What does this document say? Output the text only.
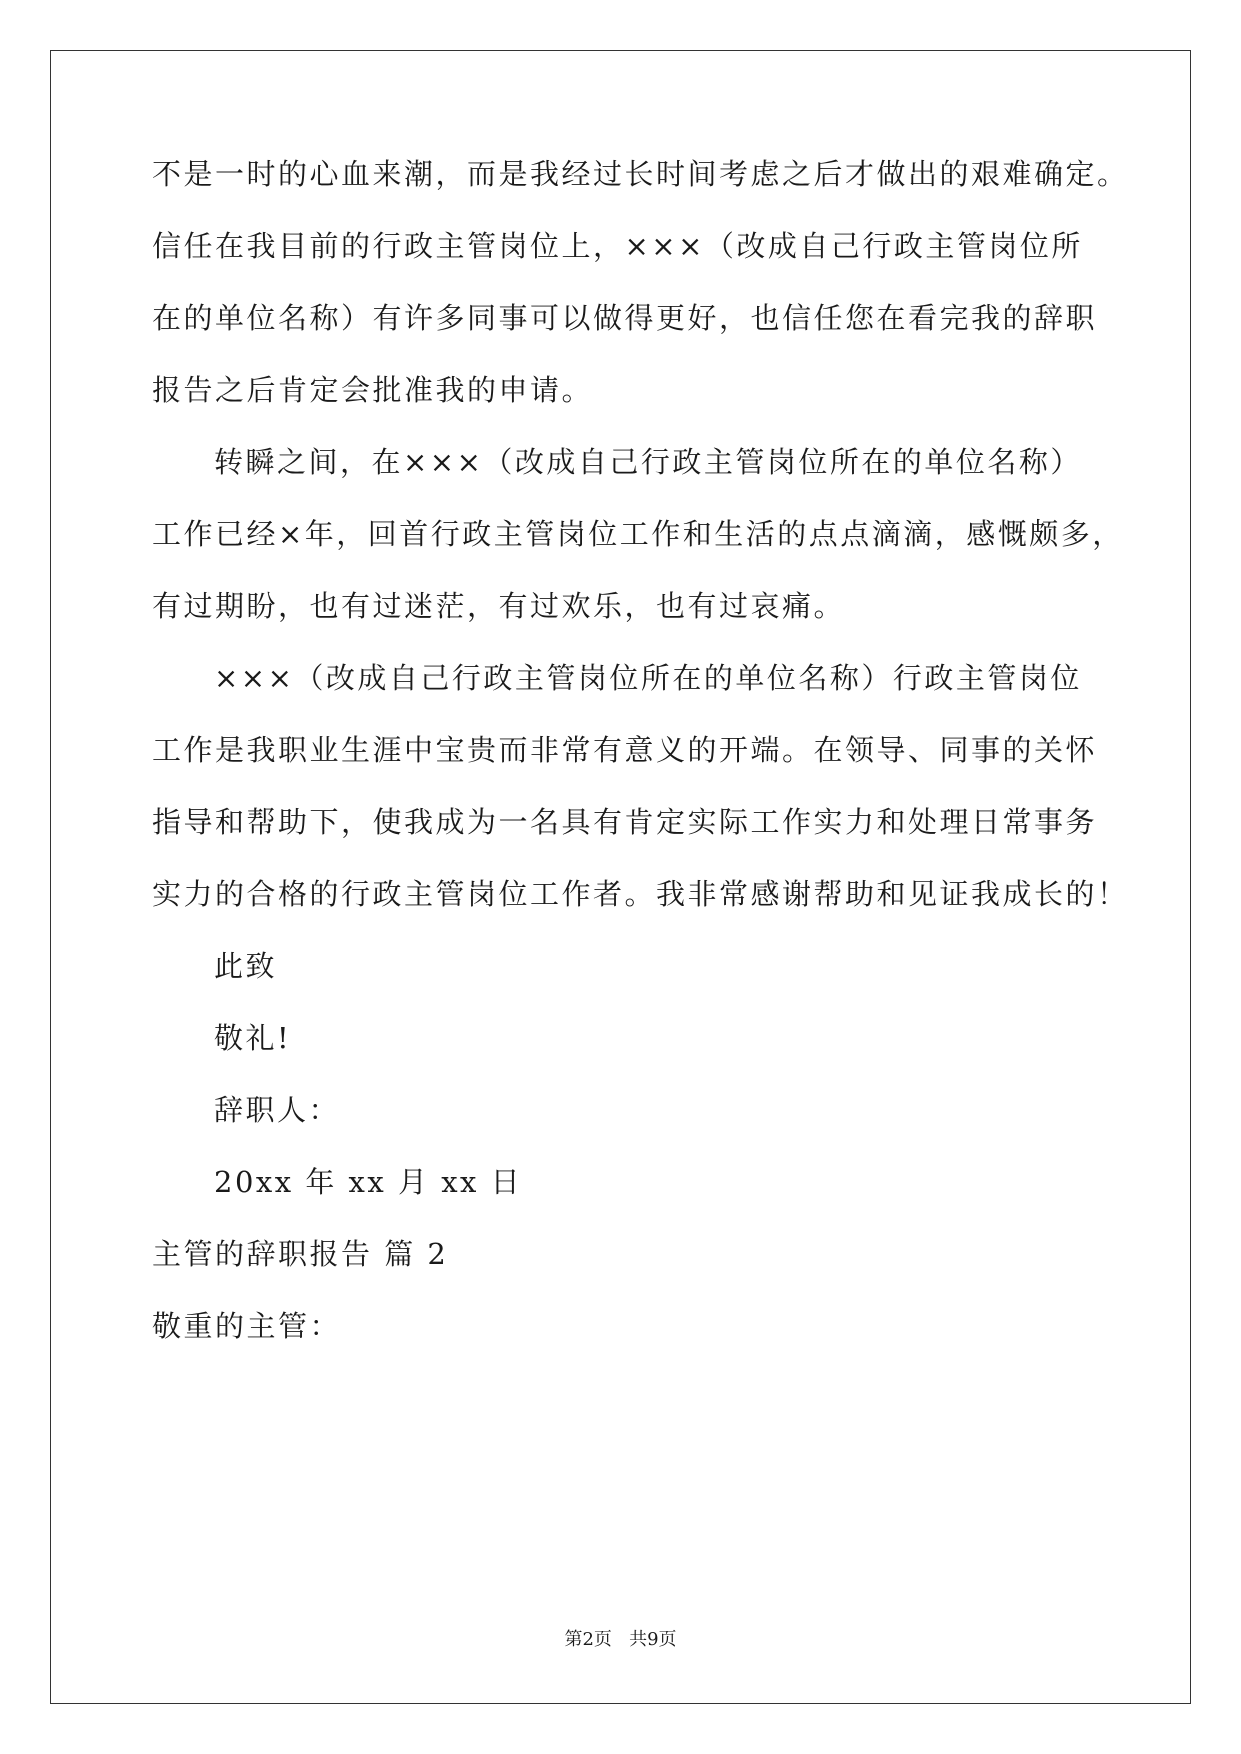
不是一时的心血来潮，而是我经过长时间考虑之后才做出的艰难确定。
信任在我目前的行政主管岗位上，×××（改成自己行政主管岗位所
在的单位名称）有许多同事可以做得更好，也信任您在看完我的辞职
报告之后肯定会批准我的申请。
转瞬之间，在×××（改成自己行政主管岗位所在的单位名称）
工作已经×年，回首行政主管岗位工作和生活的点点滴滴，感慨颇多，
有过期盼，也有过迷茫，有过欢乐，也有过哀痛。
×××（改成自己行政主管岗位所在的单位名称）行政主管岗位
工作是我职业生涯中宝贵而非常有意义的开端。在领导、同事的关怀
指导和帮助下，使我成为一名具有肯定实际工作实力和处理日常事务
实力的合格的行政主管岗位工作者。我非常感谢帮助和见证我成长的！
此致
敬礼!
辞职人：
20xx 年 xx 月 xx 日
主管的辞职报告 篇 2
敬重的主管：
第2页   共9页
